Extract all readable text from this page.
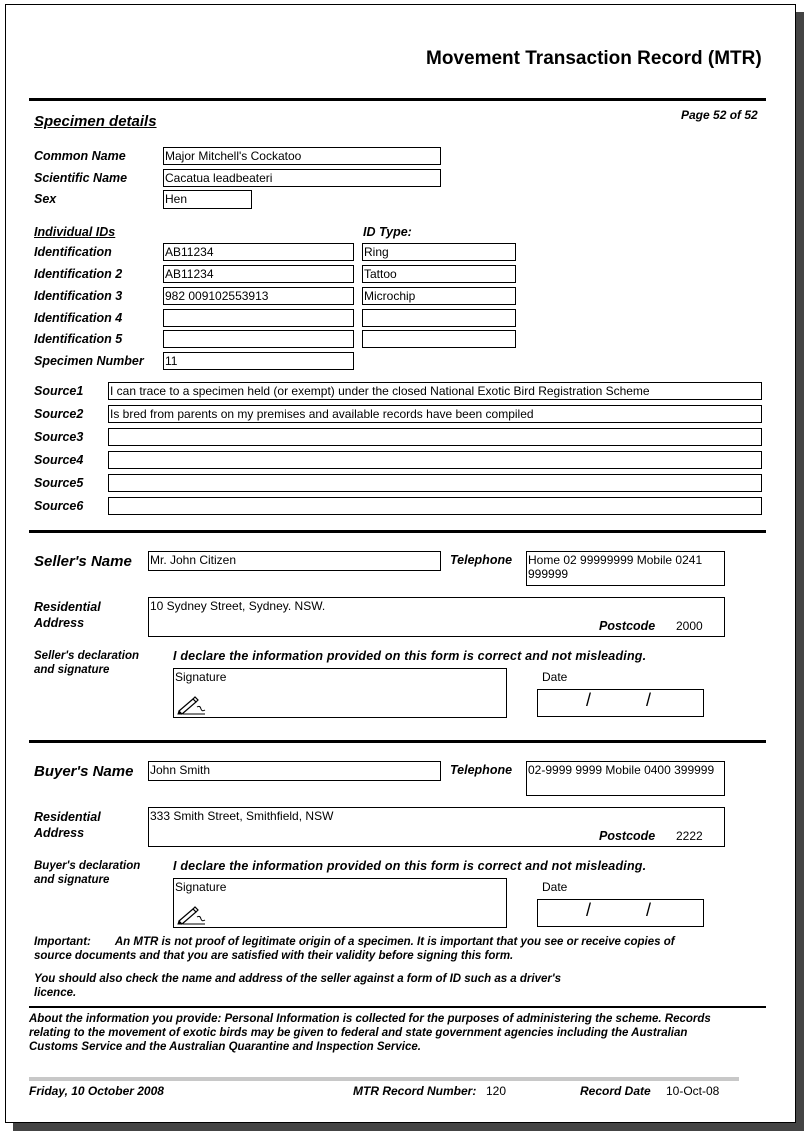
Movement Transaction Record (MTR)
Page 52 of 52
Specimen details
Common Name	Major Mitchell's Cockatoo
Scientific Name	Cacatua leadbeateri
Sex	Hen
Individual IDs	ID Type:
Identification	AB11234	Ring
Identification 2	AB11234	Tattoo
Identification 3	982 009102553913	Microchip
Identification 4
Identification 5
Specimen Number 11
Source1 I can trace to a specimen held (or exempt) under the closed National Exotic Bird Registration Scheme
Source2 Is bred from parents on my premises and available records have been compiled
Source3
Source4
Source5
Source6
Seller's Name Mr. John Citizen	Telephone Home 02 99999999 Mobile 0241 999999
Residential Address
10 Sydney Street, Sydney. NSW.
Postcode 2000
Seller's declaration and signature
I declare the information provided on this form is correct and not misleading.
Signature	Date
/	/
Buyer's Name John Smith	Telephone 02-9999 9999 Mobile 0400 399999
Residential Address
333 Smith Street, Smithfield, NSW
Postcode 2222
Buyer's declaration and signature
I declare the information provided on this form is correct and not misleading.
Signature	Date
/	/
Important: An MTR is not proof of legitimate origin of a specimen. It is important that you see or receive copies of source documents and that you are satisfied with their validity before signing this form.
You should also check the name and address of the seller against a form of ID such as a driver's licence.
About the information you provide: Personal Information is collected for the purposes of administering the scheme. Records relating to the movement of exotic birds may be given to federal and state government agencies including the Australian Customs Service and the Australian Quarantine and Inspection Service.
Friday, 10 October 2008	MTR Record Number: 120	Record Date 10-Oct-08
